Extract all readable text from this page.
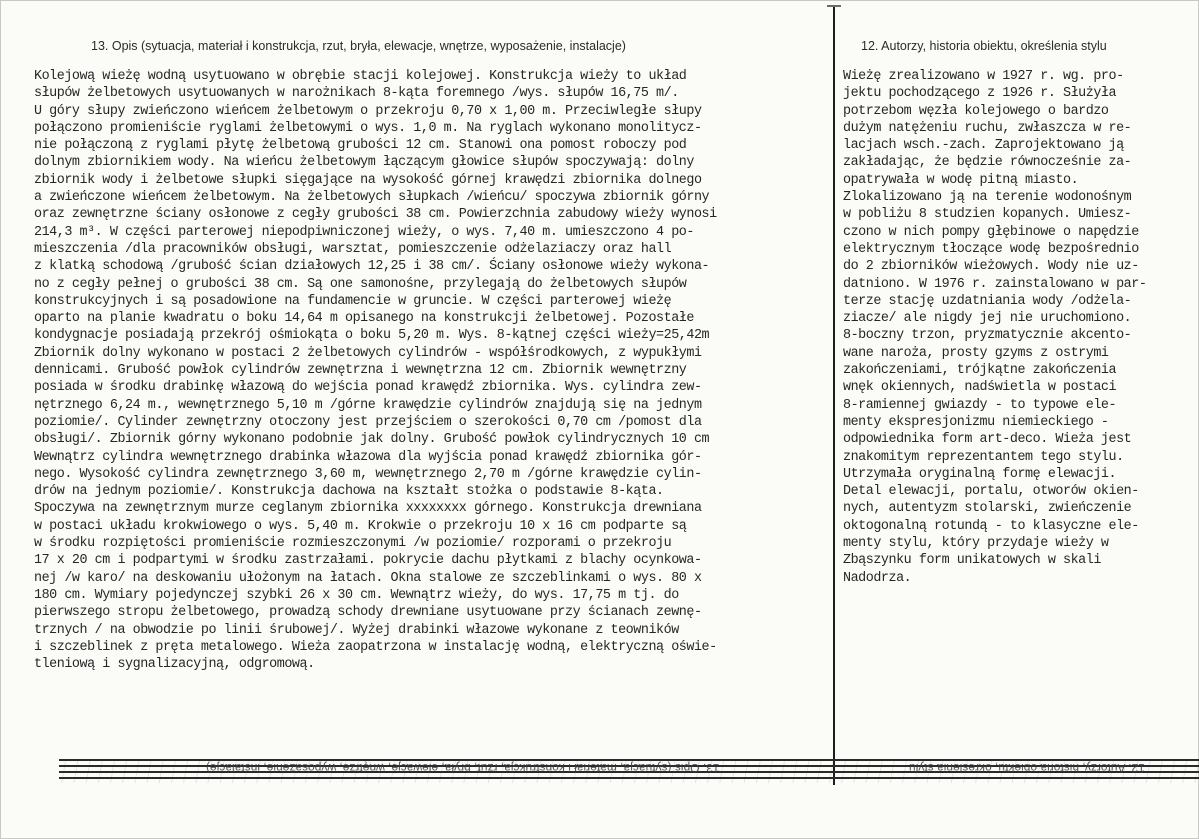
13. Opis (sytuacja, materiał i konstrukcja, rzut, bryła, elewacje, wnętrze, wyposażenie, instalacje)	12. Autorzy, historia obiektu, określenia stylu
Kolejową wieżę wodną usytuowano w obrębie stacji kolejowej. Konstrukcja wieży to układ
słupów żelbetowych usytuowanych w narożnikach 8-kąta foremnego /wys. słupów 16,75 m/.
U góry słupy zwieńczono wieńcem żelbetowym o przekroju 0,70 x 1,00 m. Przeciwległe słupy
połączono promieniście ryglami żelbetowymi o wys. 1,0 m. Na ryglach wykonano monolitycz-
nie połączoną z ryglami płytę żelbetową grubości 12 cm. Stanowi ona pomost roboczy pod
dolnym zbiornikiem wody. Na wieńcu żelbetowym łączącym głowice słupów spoczywają: dolny
zbiornik wody i żelbetowe słupki sięgające na wysokość górnej krawędzi zbiornika dolnego
a zwieńczone wieńcem żelbetowym. Na żelbetowych słupkach /wieńcu/ spoczywa zbiornik górny
oraz zewnętrzne ściany osłonowe z cegły grubości 38 cm. Powierzchnia zabudowy wieży wynosi
214,3 m³. W części parterowej niepodpiwniczonej wieży, o wys. 7,40 m. umieszczono 4 po-
mieszczenia /dla pracowników obsługi, warsztat, pomieszczenie odżelaziaczy oraz hall
z klatką schodową /grubość ścian działowych 12,25 i 38 cm/. Ściany osłonowe wieży wykona-
no z cegły pełnej o grubości 38 cm. Są one samonośne, przylegają do żelbetowych słupów
konstrukcyjnych i są posadowione na fundamencie w gruncie. W części parterowej wieżę
oparto na planie kwadratu o boku 14,64 m opisanego na konstrukcji żelbetowej. Pozostałe
kondygnacje posiadają przekrój ośmiokąta o boku 5,20 m. Wys. 8-kątnej części wieży=25,42m
Zbiornik dolny wykonano w postaci 2 żelbetowych cylindrów - współśrodkowych, z wypukłymi
dennicami. Grubość powłok cylindrów zewnętrzna i wewnętrzna 12 cm. Zbiornik wewnętrzny
posiada w środku drabinkę włazową do wejścia ponad krawędź zbiornika. Wys. cylindra zew-
nętrznego 6,24 m., wewnętrznego 5,10 m /górne krawędzie cylindrów znajdują się na jednym
poziomie/. Cylinder zewnętrzny otoczony jest przejściem o szerokości 0,70 cm /pomost dla
obsługi/. Zbiornik górny wykonano podobnie jak dolny. Grubość powłok cylindrycznych 10 cm
Wewnątrz cylindra wewnętrznego drabinka włazowa dla wyjścia ponad krawędź zbiornika gór-
nego. Wysokość cylindra zewnętrznego 3,60 m, wewnętrznego 2,70 m /górne krawędzie cylin-
drów na jednym poziomie/. Konstrukcja dachowa na kształt stożka o podstawie 8-kąta.
Spoczywa na zewnętrznym murze ceglanym zbiornika xxxxxxxx górnego. Konstrukcja drewniana
w postaci układu krokwiowego o wys. 5,40 m. Krokwie o przekroju 10 x 16 cm podparte są
w środku rozpiętości promieniście rozmieszczonymi /w poziomie/ rozporami o przekroju
17 x 20 cm i podpartymi w środku zastrzałami. pokrycie dachu płytkami z blachy ocynkowa-
nej /w karo/ na deskowaniu ułożonym na łatach. Okna stalowe ze szczeblinkami o wys. 80 x
180 cm. Wymiary pojedynczej szybki 26 x 30 cm. Wewnątrz wieży, do wys. 17,75 m tj. do
pierwszego stropu żelbetowego, prowadzą schody drewniane usytuowane przy ścianach zewnę-
trznych / na obwodzie po linii śrubowej/. Wyżej drabinki włazowe wykonane z teowników
i szczeblinek z pręta metalowego. Wieża zaopatrzona w instalację wodną, elektryczną oświe-
tleniową i sygnalizacyjną, odgromową.
Wieżę zrealizowano w 1927 r. wg. pro-
jektu pochodzącego z 1926 r. Służyła
potrzebom węzła kolejowego o bardzo
dużym natężeniu ruchu, zwłaszcza w re-
lacjach wsch.-zach. Zaprojektowano ją
zakładając, że będzie równocześnie za-
opatrywała w wodę pitną miasto.
Zlokalizowano ją na terenie wodonośnym
w pobliżu 8 studzien kopanych. Umiesz-
czono w nich pompy głębinowe o napędzie
elektrycznym tłoczące wodę bezpośrednio
do 2 zbiorników wieżowych. Wody nie uz-
datniono. W 1976 r. zainstalowano w par-
terze stację uzdatniania wody /odżela-
ziacze/ ale nigdy jej nie uruchomiono.
8-boczny trzon, pryzmatycznie akcento-
wane naroża, prosty gzyms z ostrymi
zakończeniami, trójkątne zakończenia
wnęk okiennych, nadświetla w postaci
8-ramiennej gwiazdy - to typowe ele-
menty ekspresjonizmu niemieckiego -
odpowiednika form art-deco. Wieża jest
znakomitym reprezentantem tego stylu.
Utrzymała oryginalną formę elewacji.
Detal elewacji, portalu, otworów okien-
nych, autentyzm stolarski, zwieńczenie
oktogonalną rotundą - to klasyczne ele-
menty stylu, który przydaje wieży w
Zbąszynku form unikatowych w skali
Nadodrza.
13. Opis (sytuacja, materiał i konstrukcja, rzut, bryła, elewacje, wnętrze, wyposażenie, instalacje)	12. Autorzy, historia obiektu, określenia stylu
